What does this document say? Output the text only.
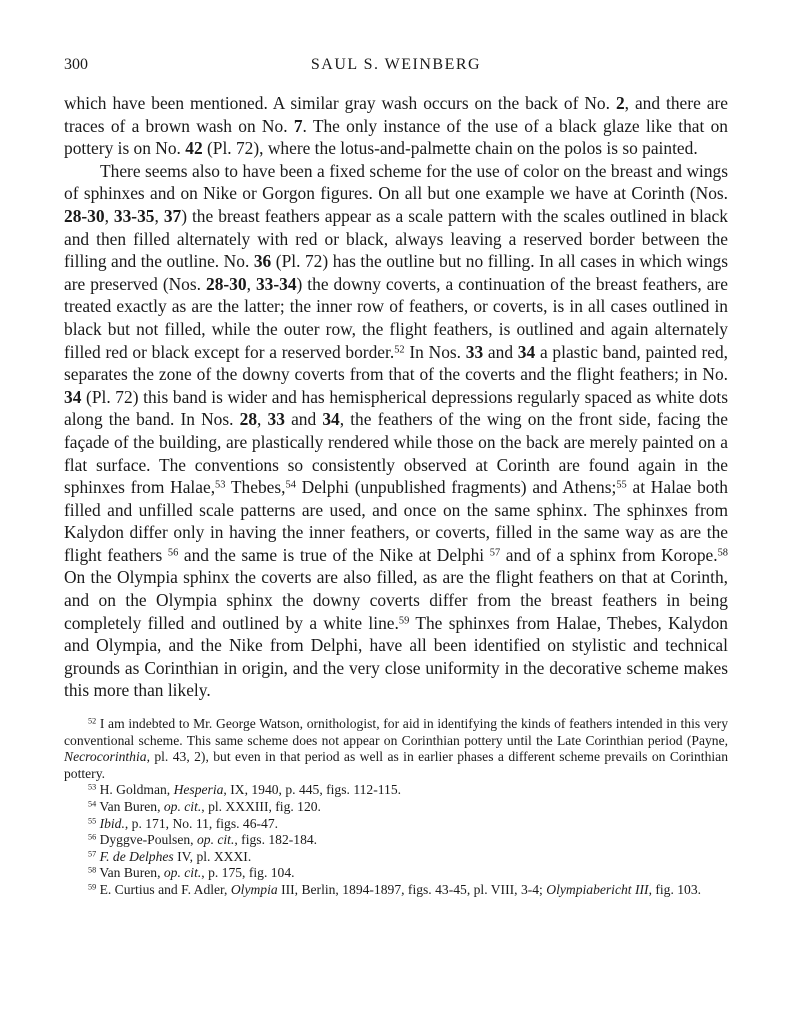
300	SAUL S. WEINBERG

which have been mentioned. A similar gray wash occurs on the back of No. 2, and there are traces of a brown wash on No. 7. The only instance of the use of a black glaze like that on pottery is on No. 42 (Pl. 72), where the lotus-and-palmette chain on the polos is so painted.

There seems also to have been a fixed scheme for the use of color on the breast and wings of sphinxes and on Nike or Gorgon figures. On all but one example we have at Corinth (Nos. 28-30, 33-35, 37) the breast feathers appear as a scale pattern with the scales outlined in black and then filled alternately with red or black, always leaving a reserved border between the filling and the outline. No. 36 (Pl. 72) has the outline but no filling. In all cases in which wings are preserved (Nos. 28-30, 33-34) the downy coverts, a continuation of the breast feathers, are treated exactly as are the latter; the inner row of feathers, or coverts, is in all cases outlined in black but not filled, while the outer row, the flight feathers, is outlined and again alternately filled red or black except for a reserved border.$^{52}$ In Nos. 33 and 34 a plastic band, painted red, separates the zone of the downy coverts from that of the coverts and the flight feathers; in No. 34 (Pl. 72) this band is wider and has hemispherical depressions regularly spaced as white dots along the band. In Nos. 28, 33 and 34, the feathers of the wing on the front side, facing the façade of the building, are plastically rendered while those on the back are merely painted on a flat surface. The conventions so consistently observed at Corinth are found again in the sphinxes from Halae,$^{53}$ Thebes,$^{54}$ Delphi (unpublished fragments) and Athens;$^{55}$ at Halae both filled and unfilled scale patterns are used, and once on the same sphinx. The sphinxes from Kalydon differ only in having the inner feathers, or coverts, filled in the same way as are the flight feathers $^{56}$ and the same is true of the Nike at Delphi $^{57}$ and of a sphinx from Korope.$^{58}$ On the Olympia sphinx the coverts are also filled, as are the flight feathers on that at Corinth, and on the Olympia sphinx the downy coverts differ from the breast feathers in being completely filled and outlined by a white line.$^{59}$ The sphinxes from Halae, Thebes, Kalydon and Olympia, and the Nike from Delphi, have all been identified on stylistic and technical grounds as Corinthian in origin, and the very close uniformity in the decorative scheme makes this more than likely.

$^{52}$ I am indebted to Mr. George Watson, ornithologist, for aid in identifying the kinds of feathers intended in this very conventional scheme. This same scheme does not appear on Corinthian pottery until the Late Corinthian period (Payne, Necrocorinthia, pl. 43, 2), but even in that period as well as in earlier phases a different scheme prevails on Corinthian pottery.

$^{53}$ H. Goldman, Hesperia, IX, 1940, p. 445, figs. 112-115.

$^{54}$ Van Buren, op. cit., pl. XXXIII, fig. 120.

$^{55}$ Ibid., p. 171, No. 11, figs. 46-47.

$^{56}$ Dyggve-Poulsen, op. cit., figs. 182-184.

$^{57}$ F. de Delphes IV, pl. XXXI.

$^{58}$ Van Buren, op. cit., p. 175, fig. 104.

$^{59}$ E. Curtius and F. Adler, Olympia III, Berlin, 1894-1897, figs. 43-45, pl. VIII, 3-4; Olympiabericht III, fig. 103.
